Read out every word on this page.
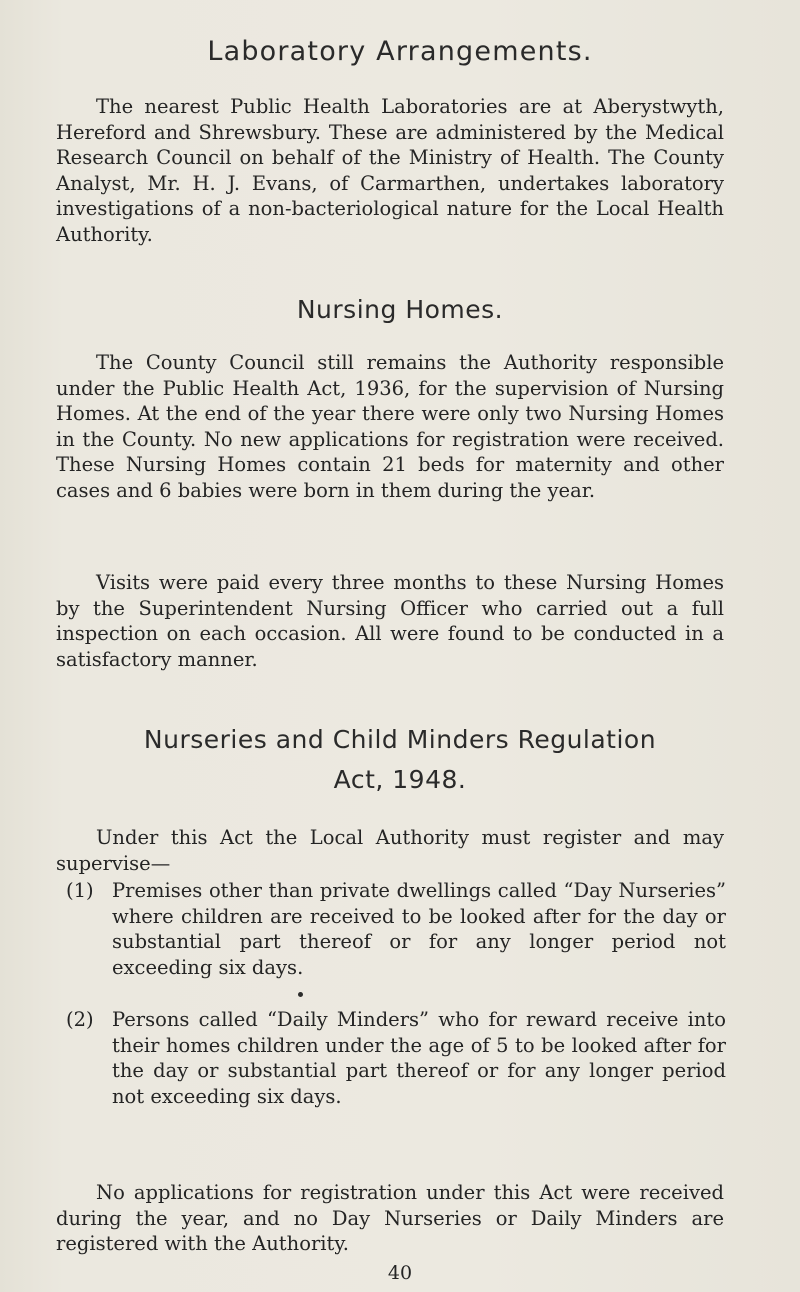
Laboratory Arrangements.

The nearest Public Health Laboratories are at Aberystwyth, Hereford and Shrewsbury. These are administered by the Medical Research Council on behalf of the Ministry of Health. The County Analyst, Mr. H. J. Evans, of Carmarthen, undertakes laboratory investigations of a non-bacteriological nature for the Local Health Authority.

Nursing Homes.

The County Council still remains the Authority responsible under the Public Health Act, 1936, for the supervision of Nursing Homes. At the end of the year there were only two Nursing Homes in the County. No new applications for registration were received. These Nursing Homes contain 21 beds for maternity and other cases and 6 babies were born in them during the year.

Visits were paid every three months to these Nursing Homes by the Superintendent Nursing Officer who carried out a full inspection on each occasion. All were found to be conducted in a satisfactory manner.

Nurseries and Child Minders Regulation
Act, 1948.

Under this Act the Local Authority must register and may supervise—

(1) Premises other than private dwellings called “Day Nurseries” where children are received to be looked after for the day or substantial part thereof or for any longer period not exceeding six days.
(2) Persons called “Daily Minders” who for reward receive into their homes children under the age of 5 to be looked after for the day or substantial part thereof or for any longer period not exceeding six days.

No applications for registration under this Act were received during the year, and no Day Nurseries or Daily Minders are registered with the Authority.

40
